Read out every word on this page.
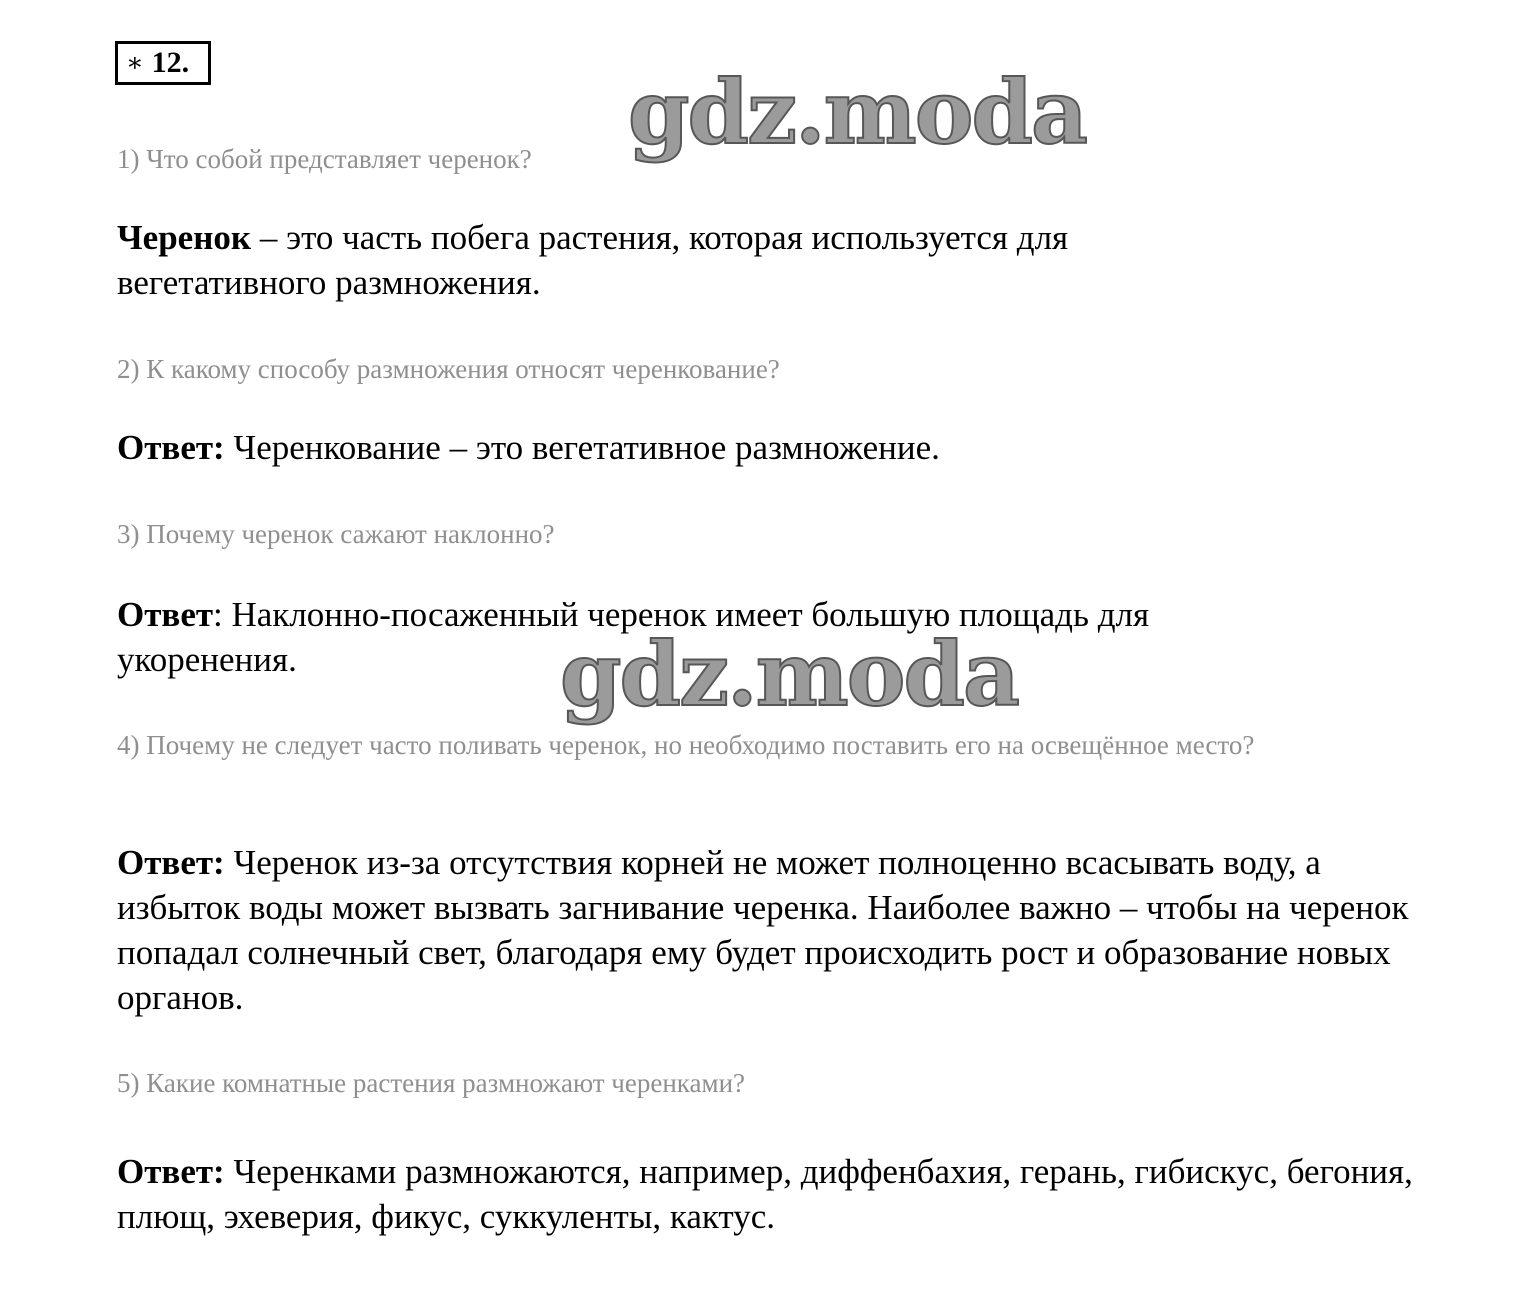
∗ 12.	gdz.moda
1) Что собой представляет черенок?
Черенок – это часть побега растения, которая используется для вегетативного размножения.
2) К какому способу размножения относят черенкование?
Ответ: Черенкование – это вегетативное размножение.
3) Почему черенок сажают наклонно?
Ответ: Наклонно-посаженный черенок имеет большую площадь для укоренения.	gdz.moda
4) Почему не следует часто поливать черенок, но необходимо поставить его на освещённое место?
Ответ: Черенок из-за отсутствия корней не может полноценно всасывать воду, а избыток воды может вызвать загнивание черенка. Наиболее важно – чтобы на черенок попадал солнечный свет, благодаря ему будет происходить рост и образование новых органов.
5) Какие комнатные растения размножают черенками?
Ответ: Черенками размножаются, например, диффенбахия, герань, гибискус, бегония, плющ, эхеверия, фикус, суккуленты, кактус.
